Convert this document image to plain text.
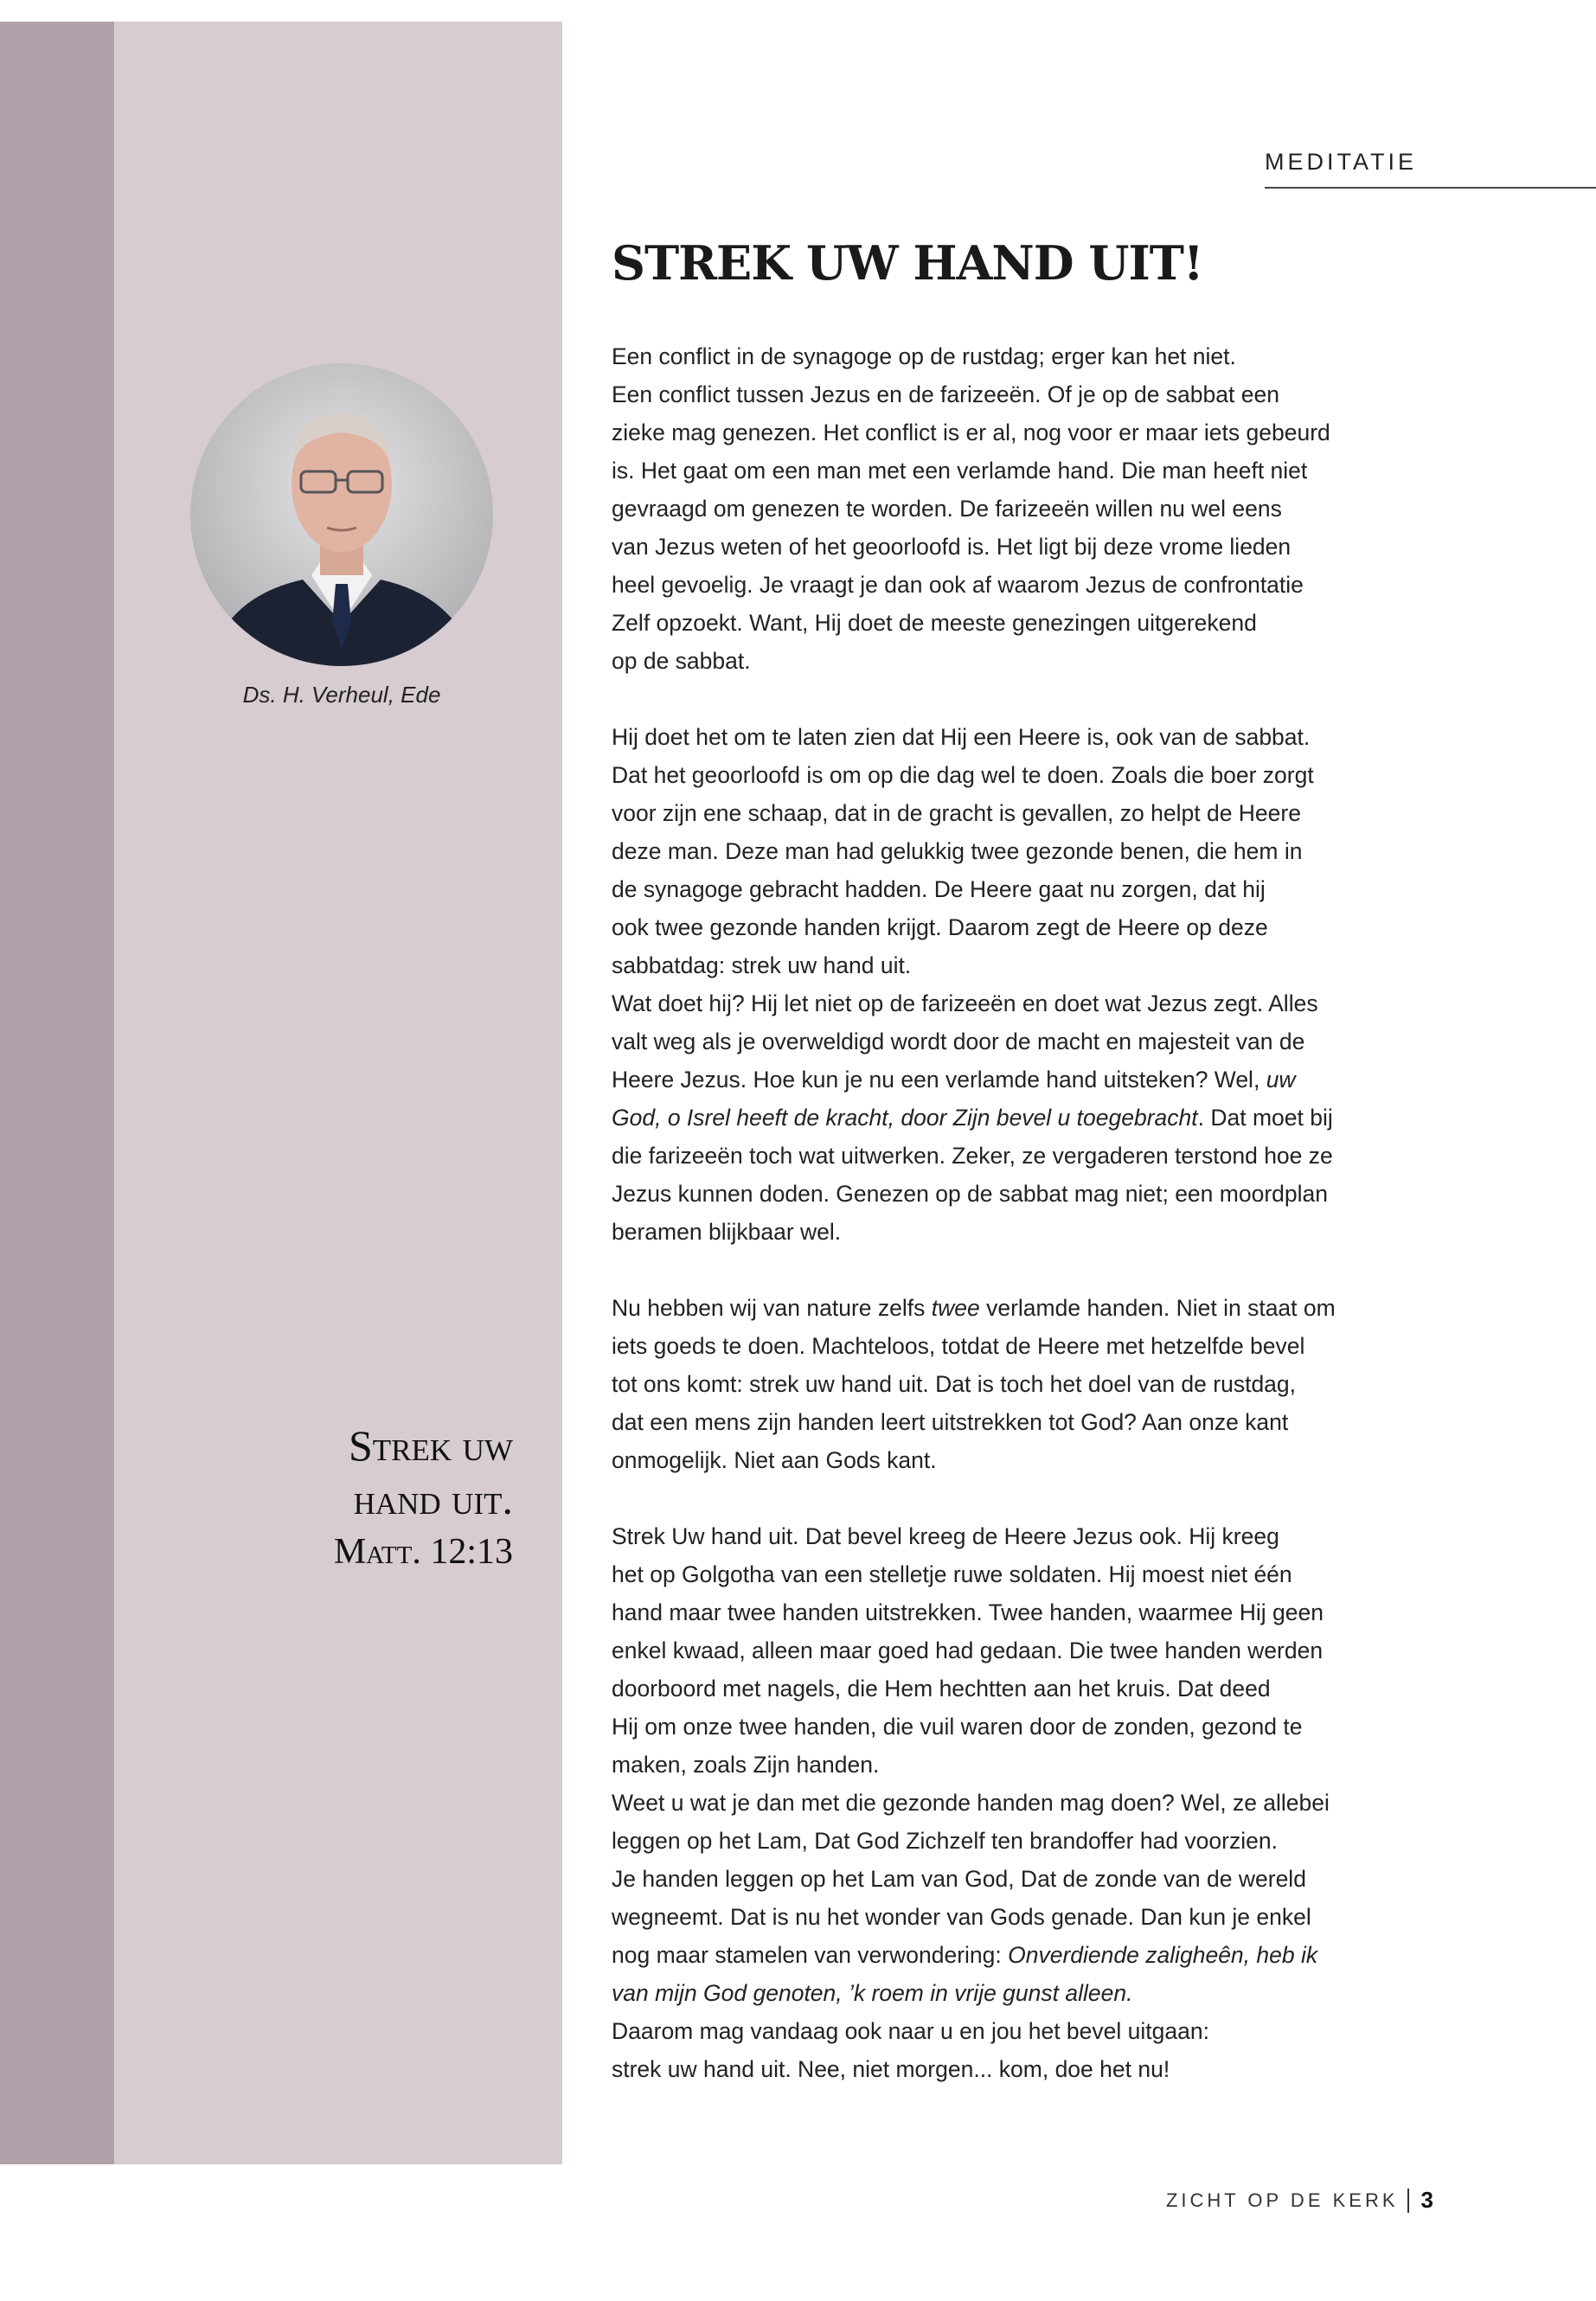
MEDITATIE
STREK UW HAND UIT!
Ds. H. Verheul, Ede
Strek uw
hand uit.
Matt. 12:13

Een conflict in de synagoge op de rustdag; erger kan het niet.
Een conflict tussen Jezus en de farizeeën. Of je op de sabbat een
zieke mag genezen. Het conflict is er al, nog voor er maar iets gebeurd
is. Het gaat om een man met een verlamde hand. Die man heeft niet
gevraagd om genezen te worden. De farizeeën willen nu wel eens
van Jezus weten of het geoorloofd is. Het ligt bij deze vrome lieden
heel gevoelig. Je vraagt je dan ook af waarom Jezus de confrontatie
Zelf opzoekt. Want, Hij doet de meeste genezingen uitgerekend
op de sabbat.

Hij doet het om te laten zien dat Hij een Heere is, ook van de sabbat.
Dat het geoorloofd is om op die dag wel te doen. Zoals die boer zorgt
voor zijn ene schaap, dat in de gracht is gevallen, zo helpt de Heere
deze man. Deze man had gelukkig twee gezonde benen, die hem in
de synagoge gebracht hadden. De Heere gaat nu zorgen, dat hij
ook twee gezonde handen krijgt. Daarom zegt de Heere op deze
sabbatdag: strek uw hand uit.
Wat doet hij? Hij let niet op de farizeeën en doet wat Jezus zegt. Alles
valt weg als je overweldigd wordt door de macht en majesteit van de
Heere Jezus. Hoe kun je nu een verlamde hand uitsteken? Wel, uw
God, o Isrel heeft de kracht, door Zijn bevel u toegebracht. Dat moet bij
die farizeeën toch wat uitwerken. Zeker, ze vergaderen terstond hoe ze
Jezus kunnen doden. Genezen op de sabbat mag niet; een moordplan
beramen blijkbaar wel.

Nu hebben wij van nature zelfs twee verlamde handen. Niet in staat om
iets goeds te doen. Machteloos, totdat de Heere met hetzelfde bevel
tot ons komt: strek uw hand uit. Dat is toch het doel van de rustdag,
dat een mens zijn handen leert uitstrekken tot God? Aan onze kant
onmogelijk. Niet aan Gods kant.

Strek Uw hand uit. Dat bevel kreeg de Heere Jezus ook. Hij kreeg
het op Golgotha van een stelletje ruwe soldaten. Hij moest niet één
hand maar twee handen uitstrekken. Twee handen, waarmee Hij geen
enkel kwaad, alleen maar goed had gedaan. Die twee handen werden
doorboord met nagels, die Hem hechtten aan het kruis. Dat deed
Hij om onze twee handen, die vuil waren door de zonden, gezond te
maken, zoals Zijn handen.
Weet u wat je dan met die gezonde handen mag doen? Wel, ze allebei
leggen op het Lam, Dat God Zichzelf ten brandoffer had voorzien.
Je handen leggen op het Lam van God, Dat de zonde van de wereld
wegneemt. Dat is nu het wonder van Gods genade. Dan kun je enkel
nog maar stamelen van verwondering: Onverdiende zaligheên, heb ik
van mijn God genoten, ’k roem in vrije gunst alleen.
Daarom mag vandaag ook naar u en jou het bevel uitgaan:
strek uw hand uit. Nee, niet morgen... kom, doe het nu!

ZICHT OP DE KERK 3
